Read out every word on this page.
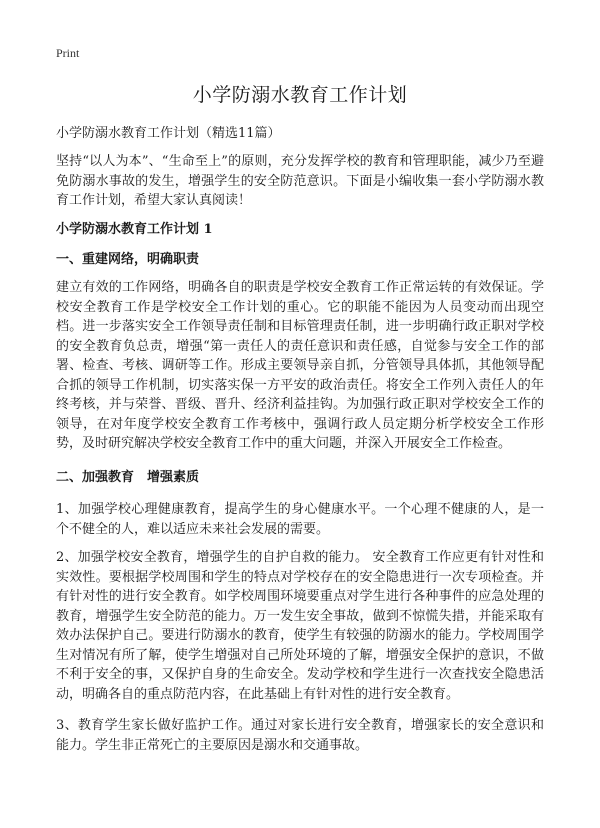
Print
小学防溺水教育工作计划
小学防溺水教育工作计划（精选11篇）

坚持“以人为本”、“生命至上”的原则，充分发挥学校的教育和管理职能，减少乃至避免防溺水事故的发生，增强学生的安全防范意识。下面是小编收集一套小学防溺水教育工作计划，希望大家认真阅读！

小学防溺水教育工作计划 1
一、重建网络，明确职责

建立有效的工作网络，明确各自的职责是学校安全教育工作正常运转的有效保证。学校安全教育工作是学校安全工作计划的重心。它的职能不能因为人员变动而出现空档。进一步落实安全工作领导责任制和目标管理责任制，进一步明确行政正职对学校的安全教育负总责，增强“第一责任人的责任意识和责任感，自觉参与安全工作的部署、检查、考核、调研等工作。形成主要领导亲自抓，分管领导具体抓，其他领导配合抓的领导工作机制，切实落实保一方平安的政治责任。将安全工作列入责任人的年终考核，并与荣誉、晋级、晋升、经济利益挂钩。为加强行政正职对学校安全工作的领导，在对年度学校安全教育工作考核中，强调行政人员定期分析学校安全工作形势，及时研究解决学校安全教育工作中的重大问题，并深入开展安全工作检查。

二、加强教育　增强素质

1、加强学校心理健康教育，提高学生的身心健康水平。一个心理不健康的人，是一个不健全的人，难以适应未来社会发展的需要。

2、加强学校安全教育，增强学生的自护自救的能力。 安全教育工作应更有针对性和实效性。要根据学校周围和学生的特点对学校存在的安全隐患进行一次专项检查。并有针对性的进行安全教育。如学校周围环境要重点对学生进行各种事件的应急处理的教育，增强学生安全防范的能力。万一发生安全事故，做到不惊慌失措，并能采取有效办法保护自己。要进行防溺水的教育，使学生有较强的防溺水的能力。学校周围学生对情况有所了解，使学生增强对自己所处环境的了解，增强安全保护的意识，不做不利于安全的事，又保护自身的生命安全。发动学校和学生进行一次查找安全隐患活动，明确各自的重点防范内容，在此基础上有针对性的进行安全教育。

3、教育学生家长做好监护工作。通过对家长进行安全教育，增强家长的安全意识和能力。学生非正常死亡的主要原因是溺水和交通事故。
